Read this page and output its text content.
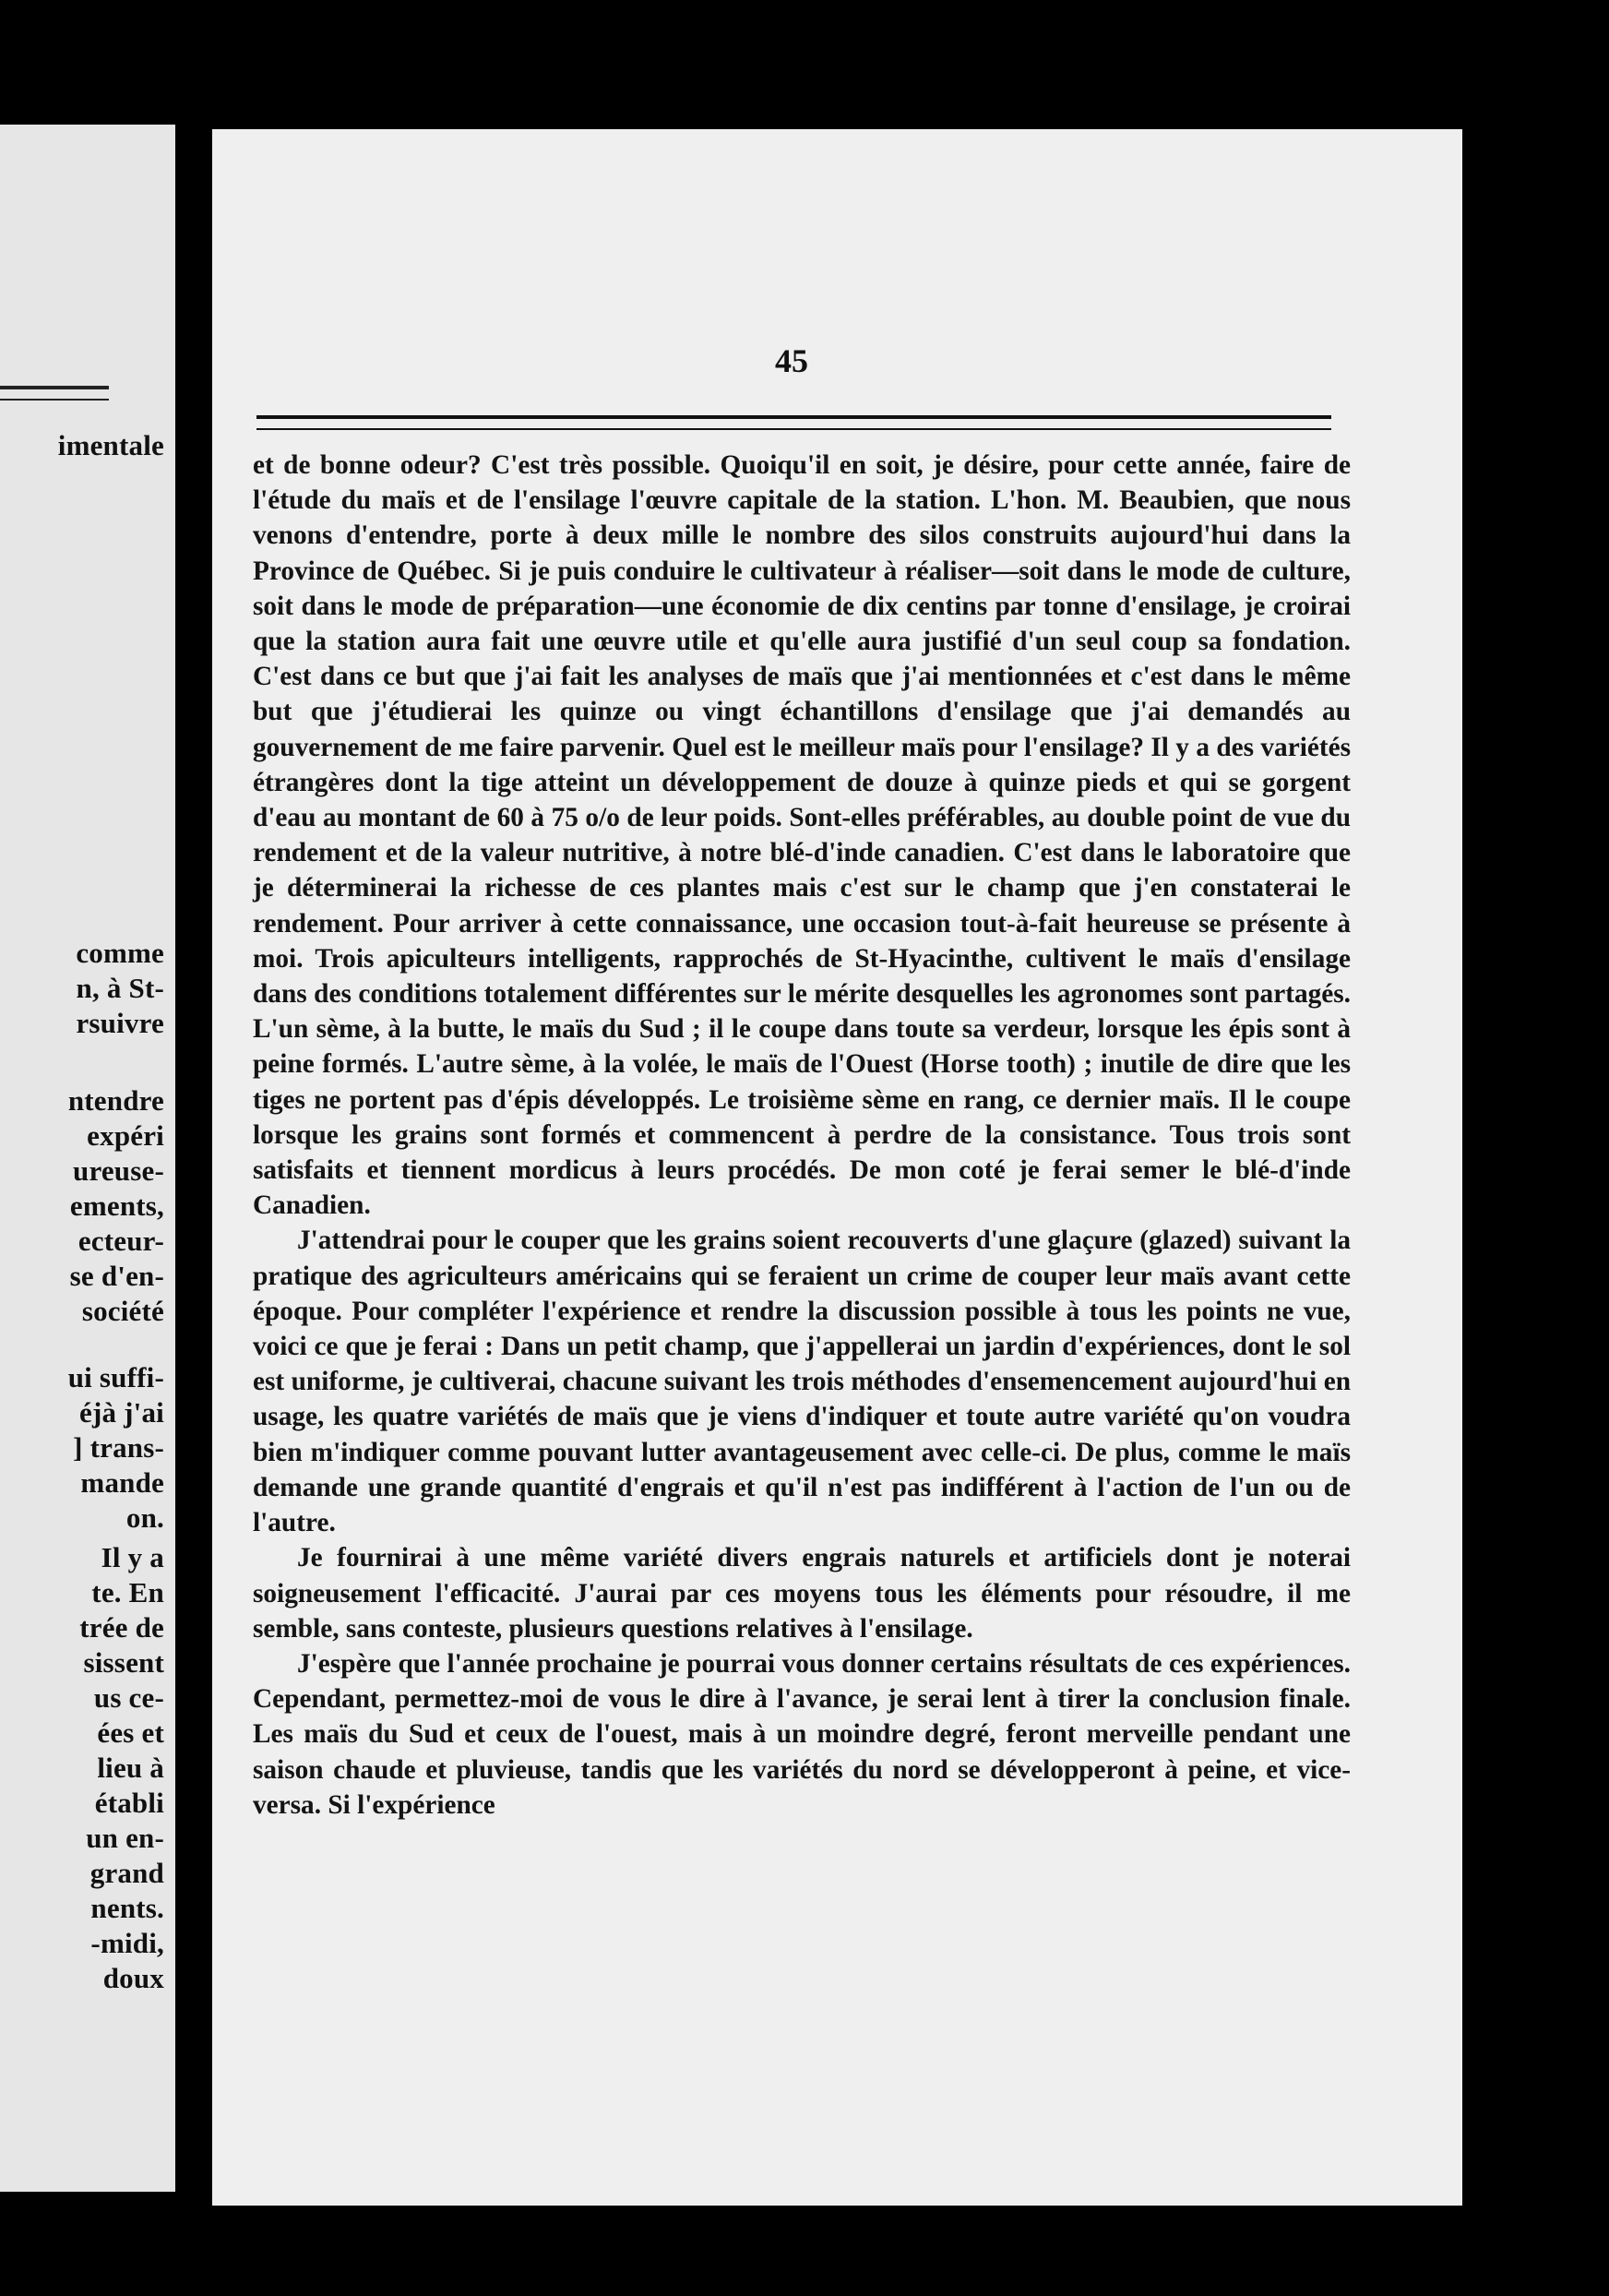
imentale
comme
n, à St-
rsuivre
ntendre
expéri
ureuse-
ements,
ecteur-
se d'en-
société
ui suffi-
éjà j'ai
] trans-
mande
on.
Il y a
te. En
trée de
sissent
us ce-
ées et
lieu à
établi
un en-
grand
nents.
-midi,
doux
45

et de bonne odeur? C'est très possible. Quoiqu'il en soit, je désire, pour cette année, faire de l'étude du maïs et de l'ensilage l'œuvre capitale de la station. L'hon. M. Beaubien, que nous venons d'entendre, porte à deux mille le nombre des silos construits aujourd'hui dans la Province de Québec. Si je puis conduire le cultivateur à réaliser—soit dans le mode de culture, soit dans le mode de préparation—une économie de dix centins par tonne d'ensilage, je croirai que la station aura fait une œuvre utile et qu'elle aura justifié d'un seul coup sa fondation. C'est dans ce but que j'ai fait les analyses de maïs que j'ai mentionnées et c'est dans le même but que j'étudierai les quinze ou vingt échantillons d'ensilage que j'ai demandés au gouvernement de me faire parvenir. Quel est le meilleur maïs pour l'ensilage? Il y a des variétés étrangères dont la tige atteint un développement de douze à quinze pieds et qui se gorgent d'eau au montant de 60 à 75 o/o de leur poids. Sont-elles préférables, au double point de vue du rendement et de la valeur nutritive, à notre blé-d'inde canadien. C'est dans le laboratoire que je déterminerai la richesse de ces plantes mais c'est sur le champ que j'en constaterai le rendement. Pour arriver à cette connaissance, une occasion tout-à-fait heureuse se présente à moi. Trois apiculteurs intelligents, rapprochés de St-Hyacinthe, cultivent le maïs d'ensilage dans des conditions totalement différentes sur le mérite desquelles les agronomes sont partagés. L'un sème, à la butte, le maïs du Sud ; il le coupe dans toute sa verdeur, lorsque les épis sont à peine formés. L'autre sème, à la volée, le maïs de l'Ouest (Horse tooth) ; inutile de dire que les tiges ne portent pas d'épis développés. Le troisième sème en rang, ce dernier maïs. Il le coupe lorsque les grains sont formés et commencent à perdre de la consistance. Tous trois sont satisfaits et tiennent mordicus à leurs procédés. De mon coté je ferai semer le blé-d'inde Canadien.

J'attendrai pour le couper que les grains soient recouverts d'une glaçure (glazed) suivant la pratique des agriculteurs américains qui se feraient un crime de couper leur maïs avant cette époque. Pour compléter l'expérience et rendre la discussion possible à tous les points ne vue, voici ce que je ferai : Dans un petit champ, que j'appellerai un jardin d'expériences, dont le sol est uniforme, je cultiverai, chacune suivant les trois méthodes d'ensemencement aujourd'hui en usage, les quatre variétés de maïs que je viens d'indiquer et toute autre variété qu'on voudra bien m'indiquer comme pouvant lutter avantageusement avec celle-ci. De plus, comme le maïs demande une grande quantité d'engrais et qu'il n'est pas indifférent à l'action de l'un ou de l'autre.

Je fournirai à une même variété divers engrais naturels et artificiels dont je noterai soigneusement l'efficacité. J'aurai par ces moyens tous les éléments pour résoudre, il me semble, sans conteste, plusieurs questions relatives à l'ensilage.

J'espère que l'année prochaine je pourrai vous donner certains résultats de ces expériences. Cependant, permettez-moi de vous le dire à l'avance, je serai lent à tirer la conclusion finale. Les maïs du Sud et ceux de l'ouest, mais à un moindre degré, feront merveille pendant une saison chaude et pluvieuse, tandis que les variétés du nord se développeront à peine, et vice-versa. Si l'expérience
